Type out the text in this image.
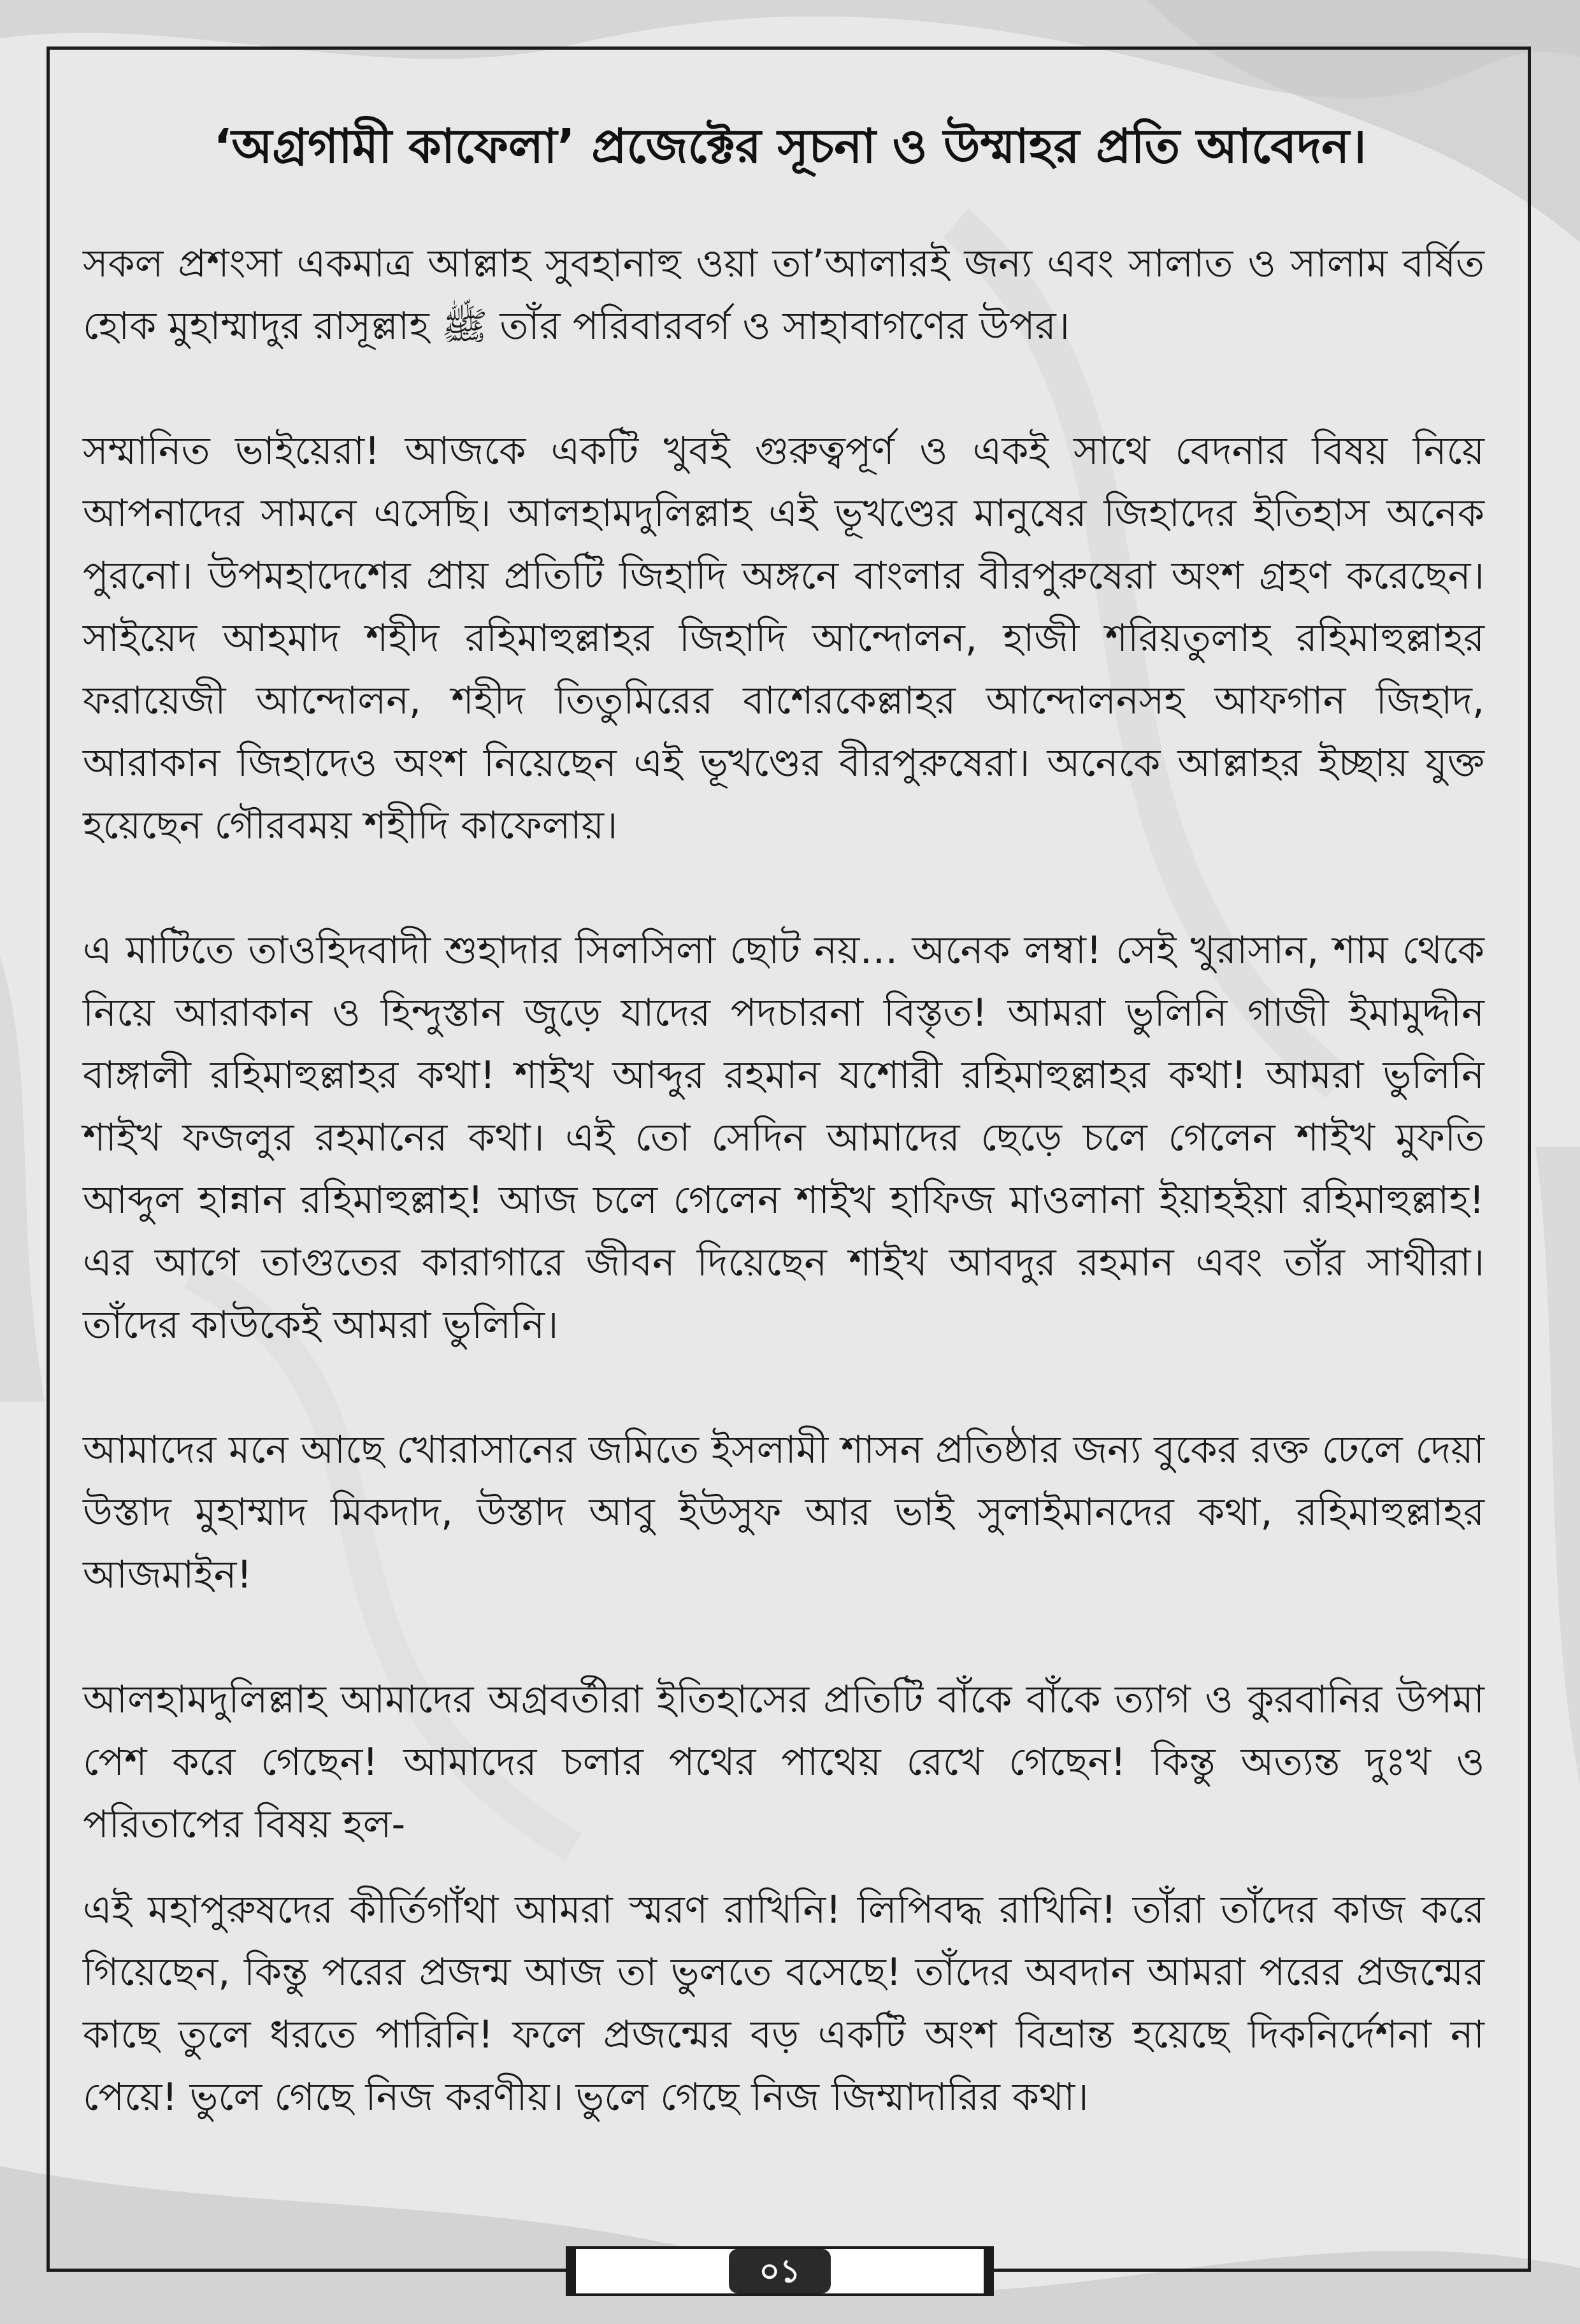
‘অগ্রগামী কাফেলা’ প্রজেক্টের সূচনা ও উম্মাহর প্রতি আবেদন।

সকল প্রশংসা একমাত্র আল্লাহ সুবহানাহু ওয়া তা’আলারই জন্য এবং সালাত ও সালাম বর্ষিত হোক মুহাম্মাদুর রাসূল্লাহ ﷺ তাঁর পরিবারবর্গ ও সাহাবাগণের উপর।

সম্মানিত ভাইয়েরা! আজকে একটি খুবই গুরুত্বপূর্ণ ও একই সাথে বেদনার বিষয় নিয়ে আপনাদের সামনে এসেছি। আলহামদুলিল্লাহ এই ভূখণ্ডের মানুষের জিহাদের ইতিহাস অনেক পুরনো। উপমহাদেশের প্রায় প্রতিটি জিহাদি অঙ্গনে বাংলার বীরপুরুষেরা অংশ গ্রহণ করেছেন। সাইয়েদ আহমাদ শহীদ রহিমাহুল্লাহর জিহাদি আন্দোলন, হাজী শরিয়তুলাহ রহিমাহুল্লাহর ফরায়েজী আন্দোলন, শহীদ তিতুমিরের বাশেরকেল্লাহর আন্দোলনসহ আফগান জিহাদ, আরাকান জিহাদেও অংশ নিয়েছেন এই ভূখণ্ডের বীরপুরুষেরা। অনেকে আল্লাহর ইচ্ছায় যুক্ত হয়েছেন গৌরবময় শহীদি কাফেলায়।

এ মাটিতে তাওহিদবাদী শুহাদার সিলসিলা ছোট নয়… অনেক লম্বা! সেই খুরাসান, শাম থেকে নিয়ে আরাকান ও হিন্দুস্তান জুড়ে যাদের পদচারনা বিস্তৃত! আমরা ভুলিনি গাজী ইমামুদ্দীন বাঙ্গালী রহিমাহুল্লাহর কথা! শাইখ আব্দুর রহমান যশোরী রহিমাহুল্লাহর কথা! আমরা ভুলিনি শাইখ ফজলুর রহমানের কথা। এই তো সেদিন আমাদের ছেড়ে চলে গেলেন শাইখ মুফতি আব্দুল হান্নান রহিমাহুল্লাহ! আজ চলে গেলেন শাইখ হাফিজ মাওলানা ইয়াহইয়া রহিমাহুল্লাহ! এর আগে তাগুতের কারাগারে জীবন দিয়েছেন শাইখ আবদুর রহমান এবং তাঁর সাথীরা। তাঁদের কাউকেই আমরা ভুলিনি।

আমাদের মনে আছে খোরাসানের জমিতে ইসলামী শাসন প্রতিষ্ঠার জন্য বুকের রক্ত ঢেলে দেয়া উস্তাদ মুহাম্মাদ মিকদাদ, উস্তাদ আবু ইউসুফ আর ভাই সুলাইমানদের কথা, রহিমাহুল্লাহর আজমাইন!

আলহামদুলিল্লাহ আমাদের অগ্রবর্তীরা ইতিহাসের প্রতিটি বাঁকে বাঁকে ত্যাগ ও কুরবানির উপমা পেশ করে গেছেন! আমাদের চলার পথের পাথেয় রেখে গেছেন! কিন্তু অত্যন্ত দুঃখ ও পরিতাপের বিষয় হল-

এই মহাপুরুষদের কীর্তিগাঁথা আমরা স্মরণ রাখিনি! লিপিবদ্ধ রাখিনি! তাঁরা তাঁদের কাজ করে গিয়েছেন, কিন্তু পরের প্রজন্ম আজ তা ভুলতে বসেছে! তাঁদের অবদান আমরা পরের প্রজন্মের কাছে তুলে ধরতে পারিনি! ফলে প্রজন্মের বড় একটি অংশ বিভ্রান্ত হয়েছে দিকনির্দেশনা না পেয়ে! ভুলে গেছে নিজ করণীয়। ভুলে গেছে নিজ জিম্মাদারির কথা।

০১
